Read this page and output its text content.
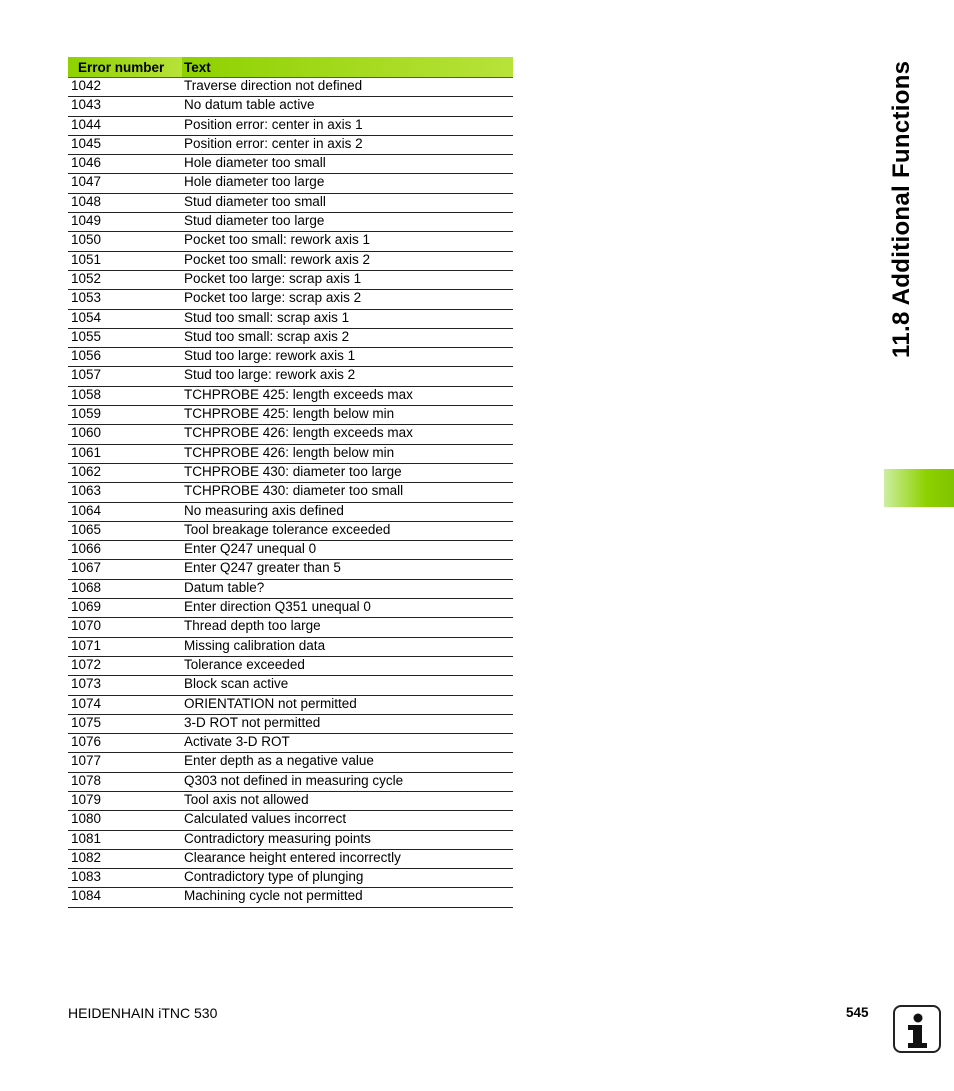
Error number	Text
1042	Traverse direction not defined
1043	No datum table active
1044	Position error: center in axis 1
1045	Position error: center in axis 2
1046	Hole diameter too small
1047	Hole diameter too large
1048	Stud diameter too small
1049	Stud diameter too large
1050	Pocket too small: rework axis 1
1051	Pocket too small: rework axis 2
1052	Pocket too large: scrap axis 1
1053	Pocket too large: scrap axis 2
1054	Stud too small: scrap axis 1
1055	Stud too small: scrap axis 2
1056	Stud too large: rework axis 1
1057	Stud too large: rework axis 2
1058	TCHPROBE 425: length exceeds max
1059	TCHPROBE 425: length below min
1060	TCHPROBE 426: length exceeds max
1061	TCHPROBE 426: length below min
1062	TCHPROBE 430: diameter too large
1063	TCHPROBE 430: diameter too small
1064	No measuring axis defined
1065	Tool breakage tolerance exceeded
1066	Enter Q247 unequal 0
1067	Enter Q247 greater than 5
1068	Datum table?
1069	Enter direction Q351 unequal 0
1070	Thread depth too large
1071	Missing calibration data
1072	Tolerance exceeded
1073	Block scan active
1074	ORIENTATION not permitted
1075	3-D ROT not permitted
1076	Activate 3-D ROT
1077	Enter depth as a negative value
1078	Q303 not defined in measuring cycle
1079	Tool axis not allowed
1080	Calculated values incorrect
1081	Contradictory measuring points
1082	Clearance height entered incorrectly
1083	Contradictory type of plunging
1084	Machining cycle not permitted
11.8 Additional Functions
HEIDENHAIN iTNC 530	545
